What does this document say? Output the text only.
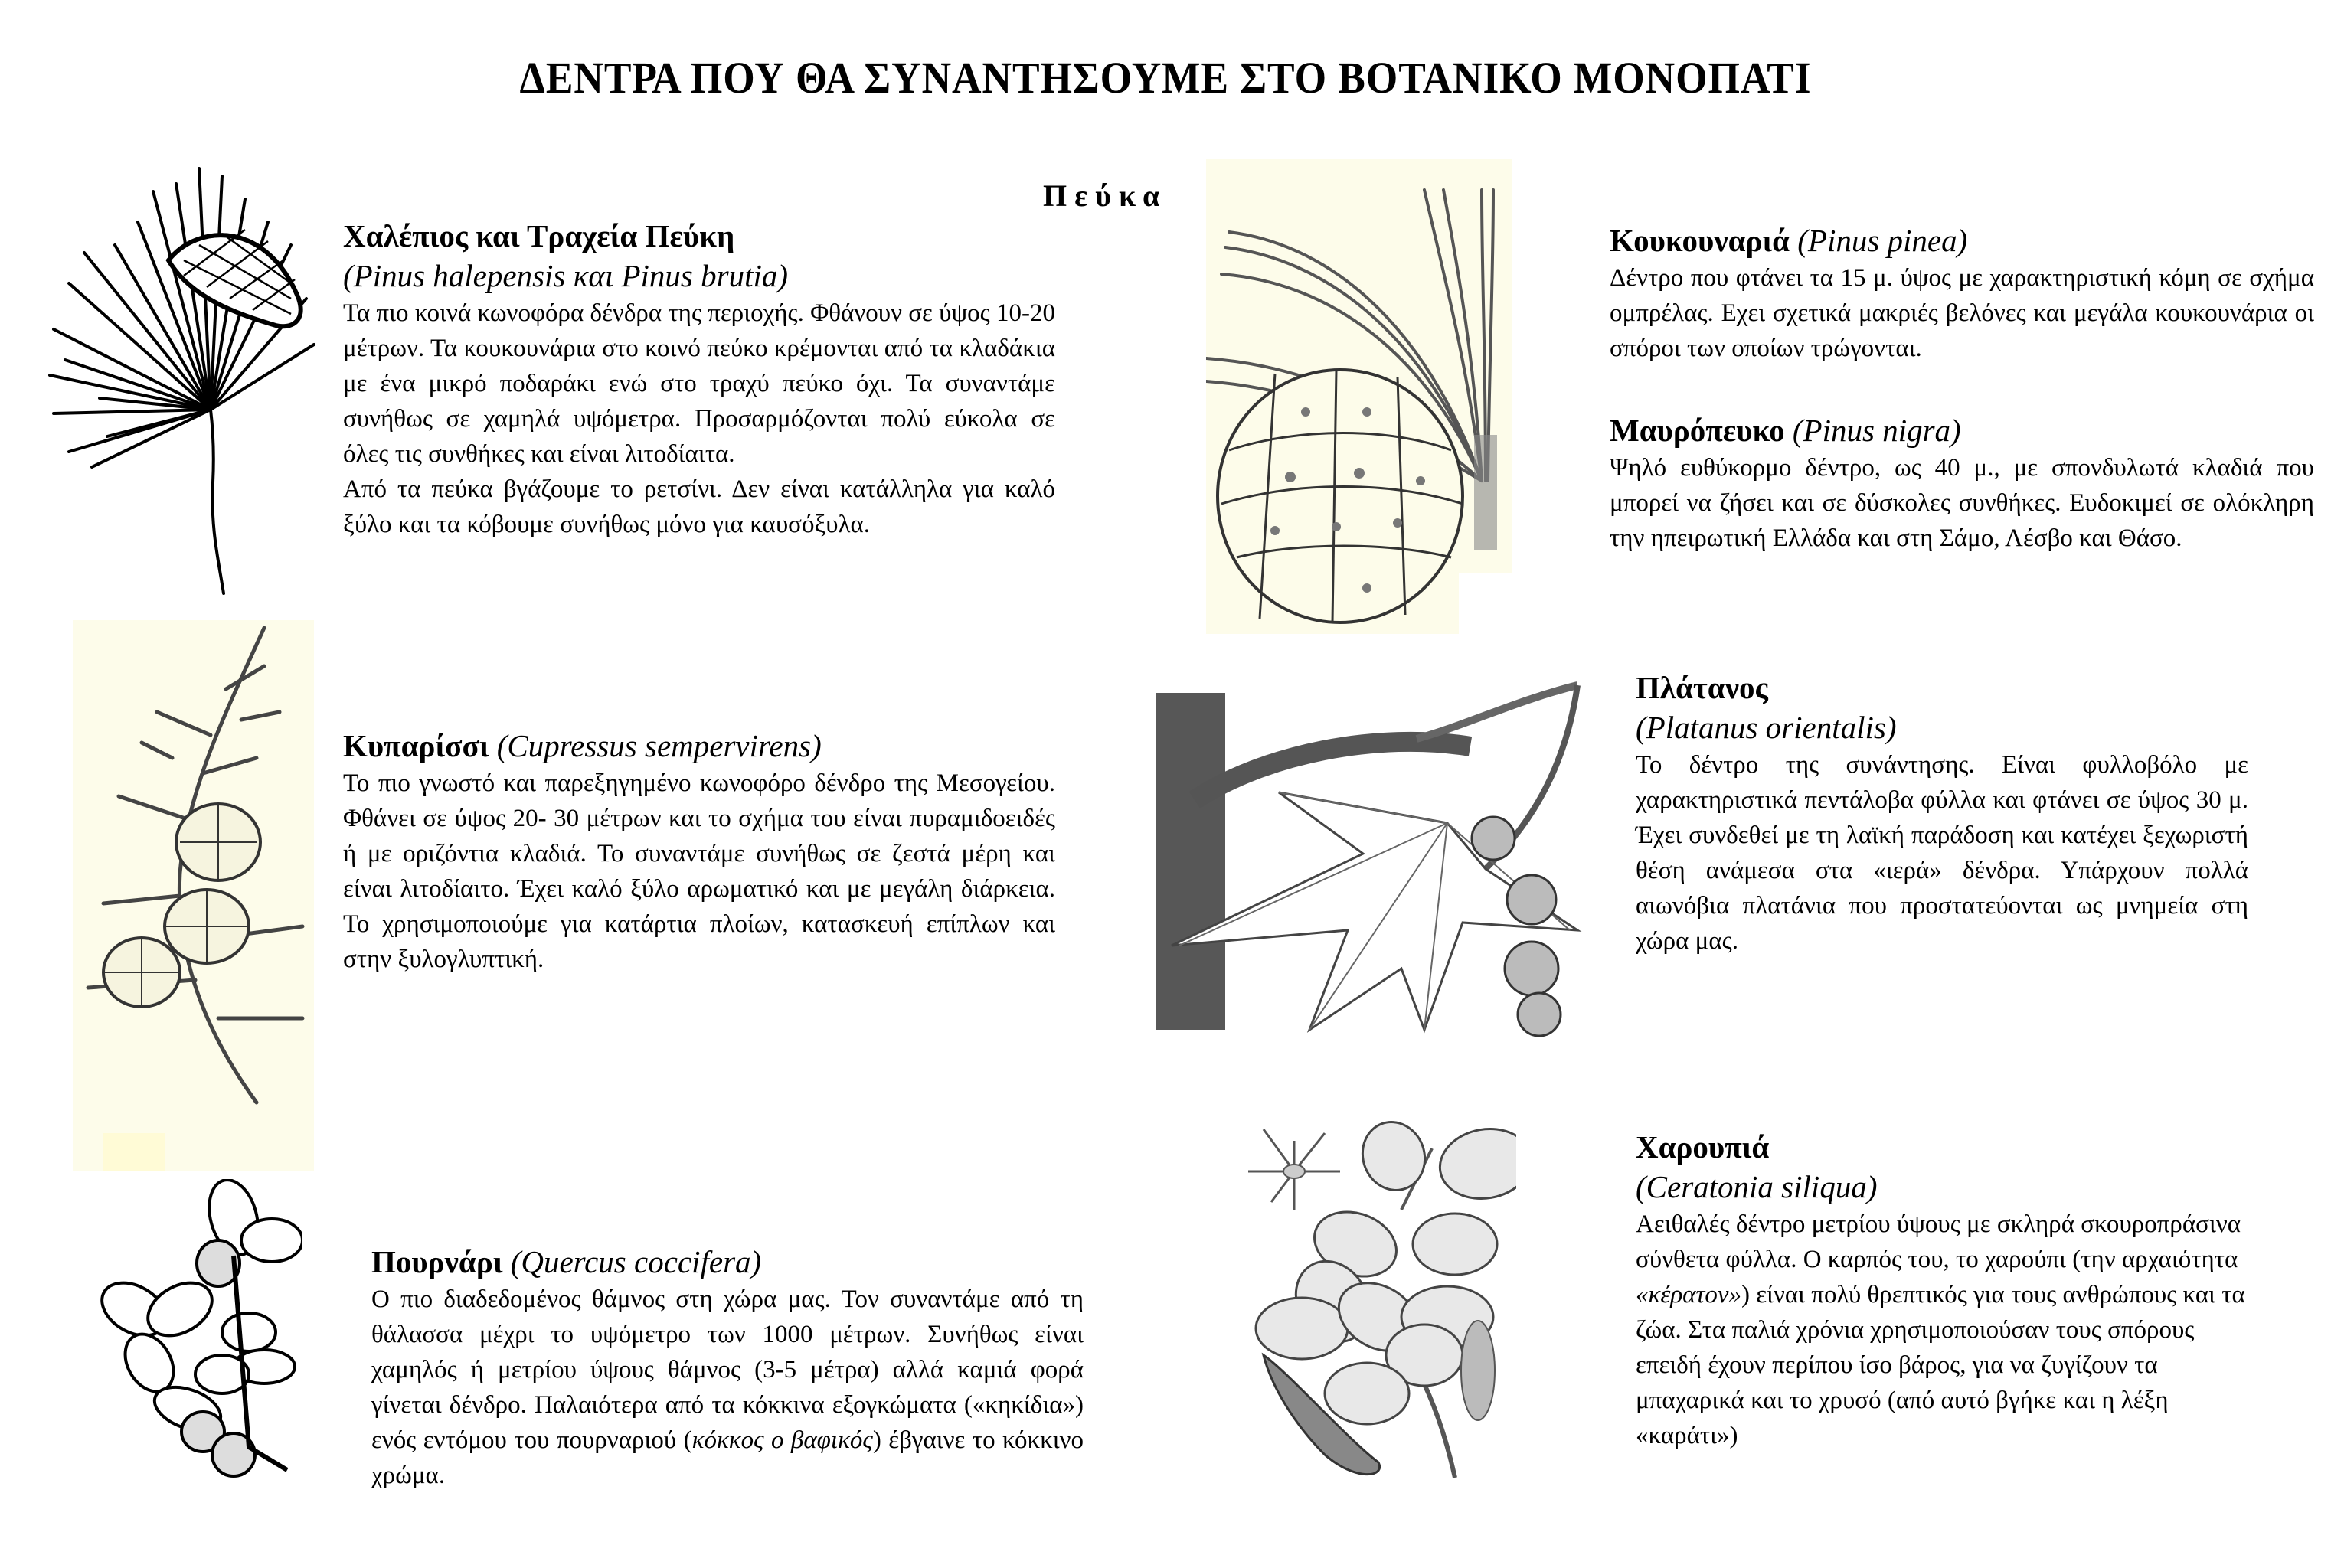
ΔΕΝΤΡΑ ΠΟΥ ΘΑ ΣΥΝΑΝΤΗΣΟΥΜΕ ΣΤΟ ΒΟΤΑΝΙΚΟ ΜΟΝΟΠΑΤΙ
Πεύκα
Χαλέπιος και Τραχεία Πεύκη
(Pinus halepensis και Pinus brutia)

Τα πιο κοινά κωνοφόρα δένδρα της περιοχής. Φθάνουν σε ύψος 10-20 μέτρων. Τα κουκουνάρια στο κοινό πεύκο κρέμονται από τα κλαδάκια με ένα μικρό ποδαράκι ενώ στο τραχύ πεύκο όχι. Τα συναντάμε συνήθως σε χαμηλά υψόμετρα. Προσαρμόζονται πολύ εύκολα σε όλες τις συνθήκες και είναι λιτοδίαιτα.

Από τα πεύκα βγάζουμε το ρετσίνι. Δεν είναι κατάλληλα για καλό ξύλο και τα κόβουμε συνήθως μόνο για καυσόξυλα.

Κυπαρίσσι (Cupressus sempervirens)

Το πιο γνωστό και παρεξηγημένο κωνοφόρο δένδρο της Μεσογείου. Φθάνει σε ύψος 20- 30 μέτρων και το σχήμα του είναι πυραμιδοειδές ή με οριζόντια κλαδιά. Το συναντάμε συνήθως σε ζεστά μέρη και είναι λιτοδίαιτο. Έχει καλό ξύλο αρωματικό και με μεγάλη διάρκεια. Το χρησιμοποιούμε για κατάρτια πλοίων, κατασκευή επίπλων και στην ξυλογλυπτική.

Πουρνάρι (Quercus coccifera)

Ο πιο διαδεδομένος θάμνος στη χώρα μας. Τον συναντάμε από τη θάλασσα μέχρι το υψόμετρο των 1000 μέτρων. Συνήθως είναι χαμηλός ή μετρίου ύψους θάμνος (3-5 μέτρα) αλλά καμιά φορά γίνεται δένδρο. Παλαιότερα από τα κόκκινα εξογκώματα («κηκίδια») ενός εντόμου του πουρναριού (κόκκος ο βαφικός) έβγαινε το κόκκινο χρώμα.

Κουκουναριά (Pinus pinea)

Δέντρο που φτάνει τα 15 μ. ύψος με χαρακτηριστική κόμη σε σχήμα ομπρέλας. Εχει σχετικά μακριές βελόνες και μεγάλα κουκουνάρια οι σπόροι των οποίων τρώγονται.

Μαυρόπευκο (Pinus nigra)

Ψηλό ευθύκορμο δέντρο, ως 40 μ., με σπονδυλωτά κλαδιά που μπορεί να ζήσει και σε δύσκολες συνθήκες. Ευδοκιμεί σε ολόκληρη την ηπειρωτική Ελλάδα και στη Σάμο, Λέσβο και Θάσο.

Πλάτανος
(Platanus orientalis)

Το δέντρο της συνάντησης. Είναι φυλλοβόλο με χαρακτηριστικά πεντάλοβα φύλλα και φτάνει σε ύψος 30 μ. Έχει συνδεθεί με τη λαϊκή παράδοση και κατέχει ξεχωριστή θέση ανάμεσα στα «ιερά» δένδρα. Υπάρχουν πολλά αιωνόβια πλατάνια που προστατεύονται ως μνημεία στη χώρα μας.

Χαρουπιά
(Ceratonia siliqua)

Αειθαλές δέντρο μετρίου ύψους με σκληρά σκουροπράσινα σύνθετα φύλλα. Ο καρπός του, το χαρούπι (την αρχαιότητα «κέρατον») είναι πολύ θρεπτικός για τους ανθρώπους και τα ζώα. Στα παλιά χρόνια χρησιμοποιούσαν τους σπόρους επειδή έχουν περίπου ίσο βάρος, για να ζυγίζουν τα μπαχαρικά και το χρυσό (από αυτό βγήκε και η λέξη «καράτι»)
